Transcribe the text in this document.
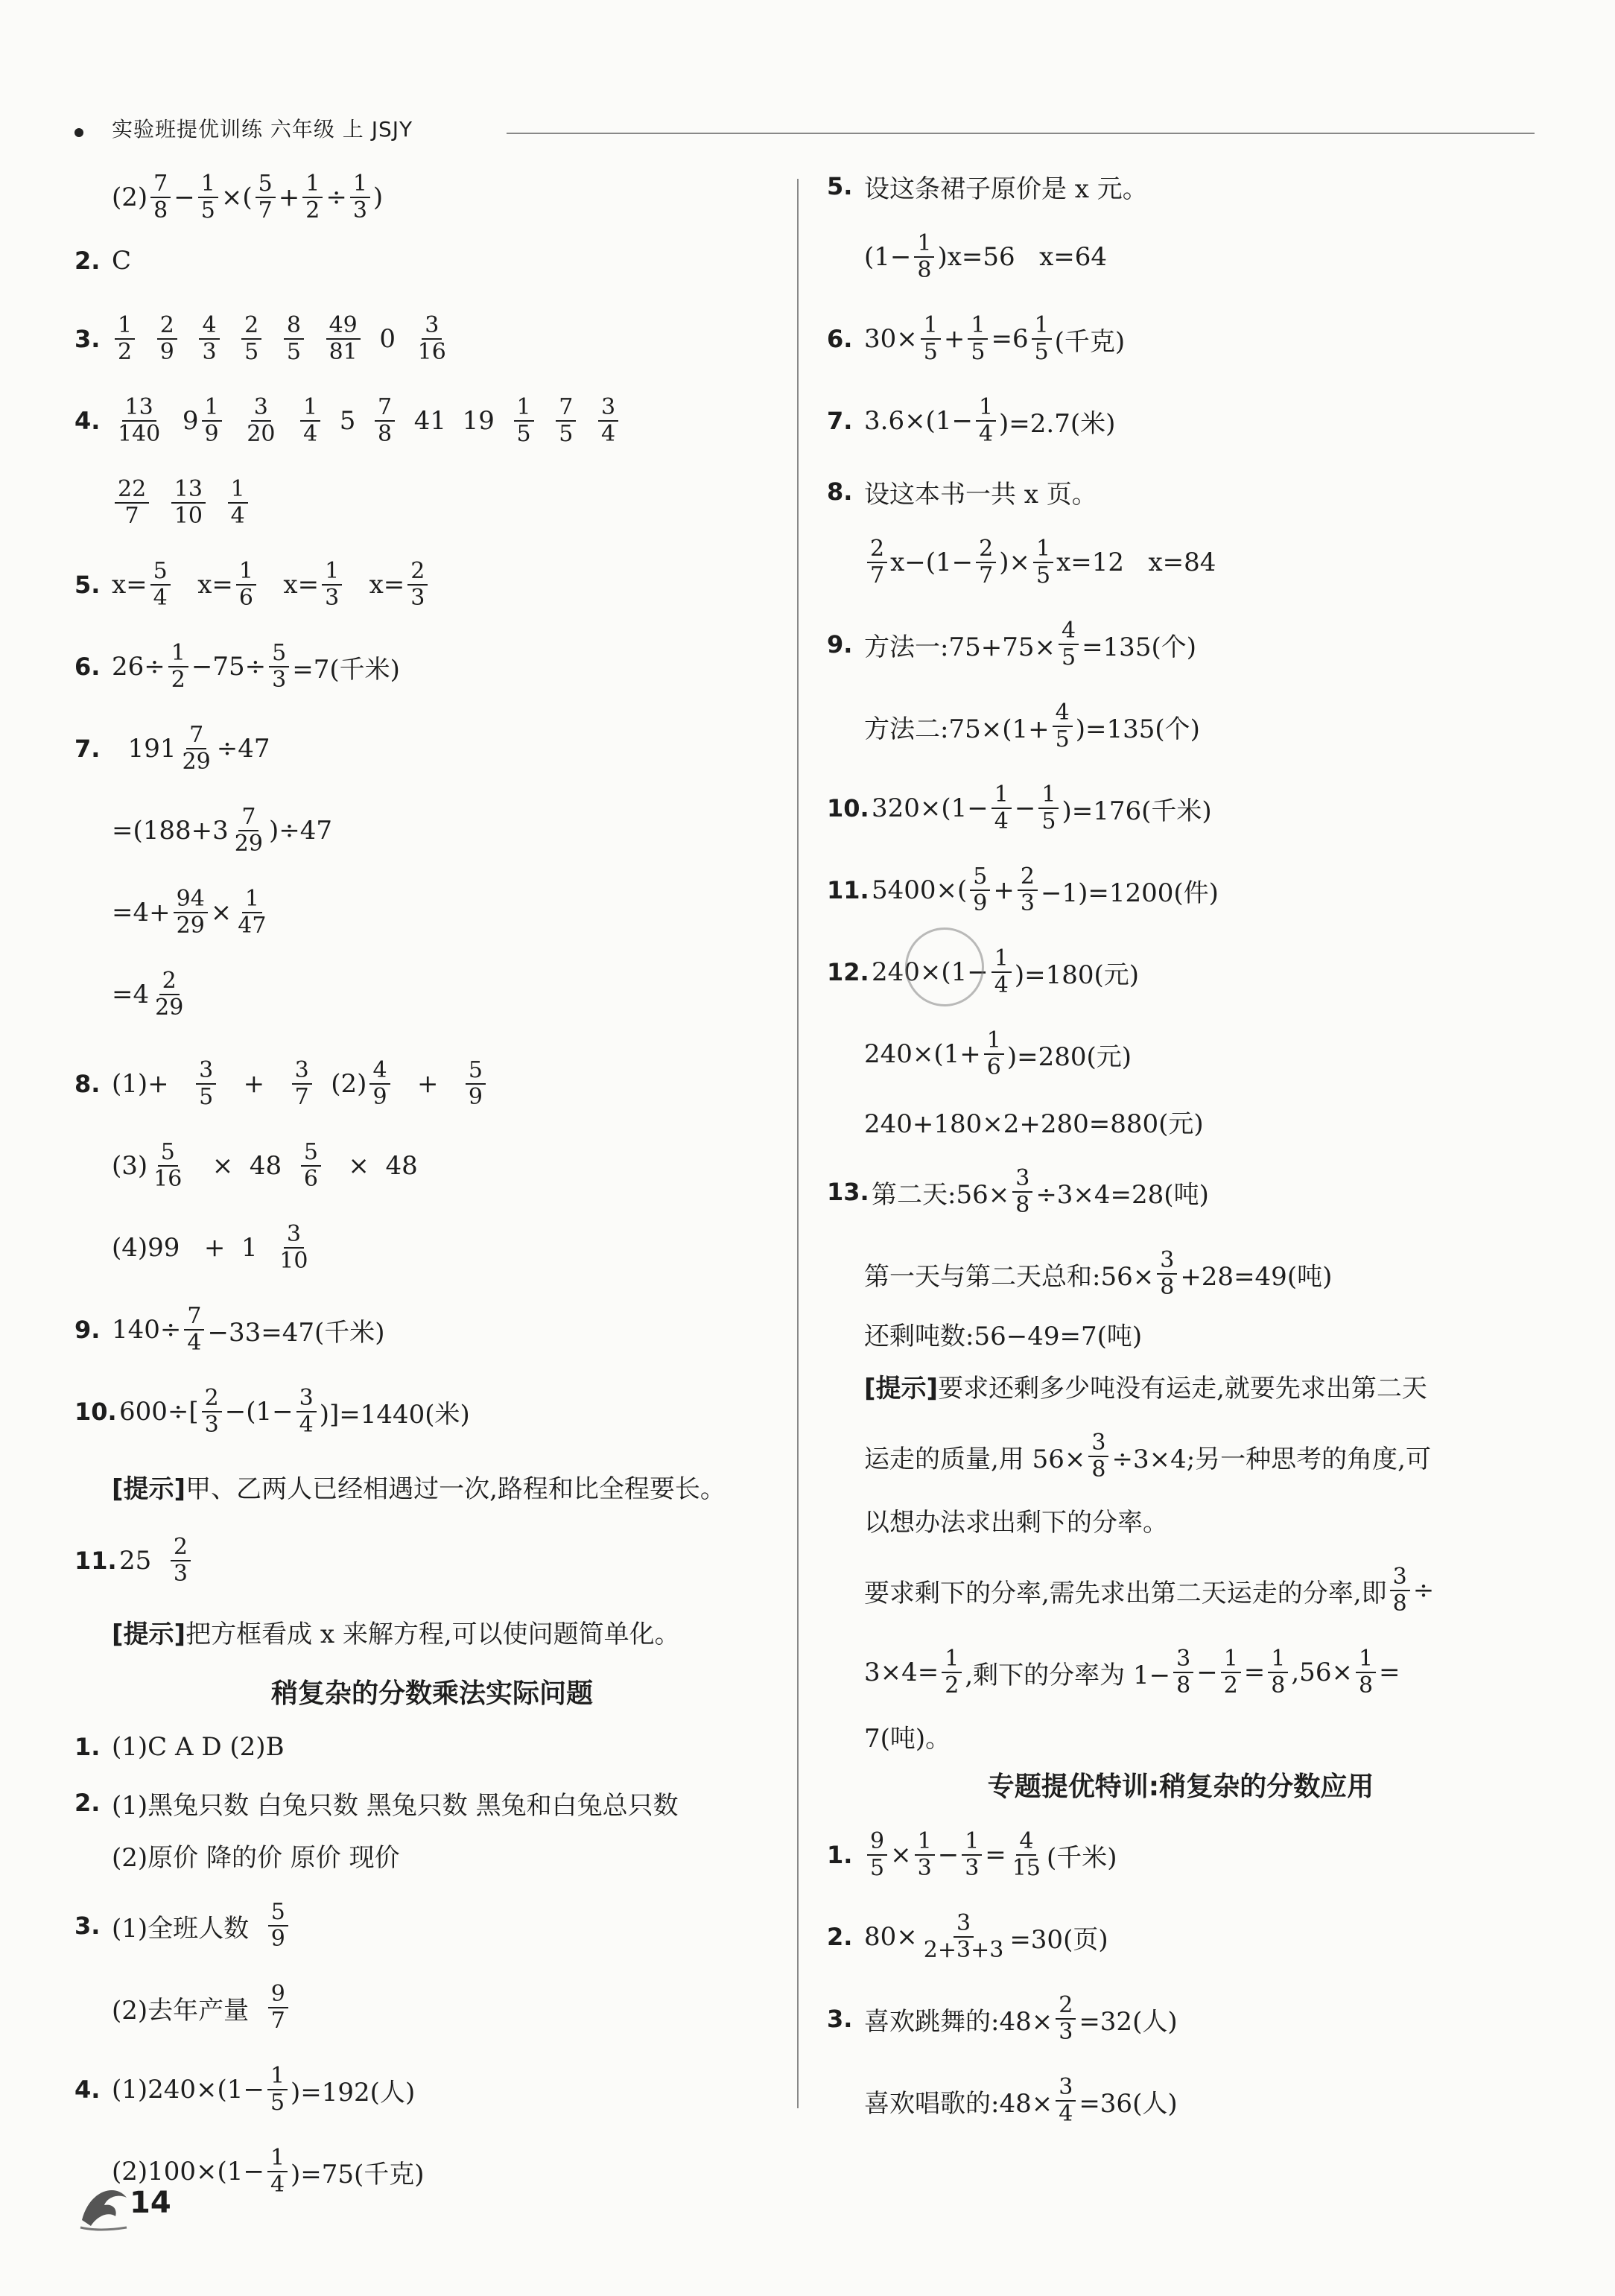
实验班提优训练 六年级 上 JSJY
(2) 7
$8 - \frac{1}{5}$ ×( 5
$7 + \frac{1}{2} \div \frac{1}{3}$ )
2. C
3. 1
2

2
9

4
3

2
5

8
5

49
81
0
3
16
4.	13
140
9 1
9

3
20

1
4
5
7
8
41
19
1
5

7
5

3
4
22
7

13
10

1
4
5. $x= \frac{5}{4}$
$x= \frac{1}{6}$
$x= \frac{1}{3}$
$x= \frac{2}{3}$
6. $26\div \frac{1}{2} -75\div \frac{5}{3} =7$(千米)
7.
	$191 \frac{7}{29} \div 47$
=(188+3 7
29 )÷47
$=4+ \frac{94}{29} \times \frac{1}{47}$
=4 2
29
8. (1)+
$\frac{3}{5}$
+
$\frac{3}{7}$
(2) 4
9
+
$\frac{5}{9}$
$(3) \frac{5}{16}$
×
48
$\frac{5}{6}$
×
48
(4)99
+
1
3
10
9. $140\div \frac{7}{4} -33=47$(千米)
10. 600÷[ 2
$3 -(1- \frac{3}{4} )]=1440$(米)
[提示] 甲、乙两人已经相遇过一次,路程和比全程要长。
11. 25
2
3
[提示] 把方框看成 x 来解方程,可以使问题简单化。
稍复杂的分数乘法实际问题
1. (1)C A D (2)B
2. (1)黑兔只数 白兔只数 黑兔只数 黑兔和白兔总只数
(2)原价 降的价 原价 现价
3. (1)全班人数

5
9
(2)去年产量

9
7
4. $(1)240\times(1- \frac{1}{5} )=192$(人)
$(2)100\times(1- \frac{1}{4} )=75$(千克)
5. 设这条裙子原价是 x 元。
$(1- \frac{1}{8} )x=56$   x=64
6. $30\times \frac{1}{5} + \frac{1}{5} =6$ 1
5 (千克)
7. $3.6\times(1- \frac{1}{4} )=2.7$(米)
8. 设这本书一共 x 页。
2
7 $x-(1- \frac{2}{7}$ )× $\frac{1}{5} x=12$   x=84
9. 方法一:75+75× $\frac{4}{5} =135$(个)
方法二:75×(1+ $\frac{4}{5} )=135$(个)
10. $320\times(1- \frac{1}{4} - \frac{1}{5} )=176$(千米)
11. 5400×( 5
$9 + \frac{2}{3} -1)=1200$(件)
12. $240\times(1- \frac{1}{4} )=180$(元)
$240\times(1+ \frac{1}{6} )=280$(元)
240+180×2+280=880(元)
13. 第二天:56× $\frac{3}{8} \div 3\times 4=28$(吨)
第一天与第二天总和:56× $\frac{3}{8} +28=49$(吨)
还剩吨数:56−49=7(吨)
[提示] 要求还剩多少吨没有运走,就要先求出第二天
运走的质量,用 $56\times \frac{3}{8} \div 3\times 4$;另一种思考的角度,可
以想办法求出剩下的分率。
要求剩下的分率,需先求出第二天运走的分率,即 $\frac{3}{8}$ ÷
$3\times 4= \frac{1}{2}$ ,剩下的分率为 $1- \frac{3}{8} - \frac{1}{2} = \frac{1}{8} ,56\times \frac{1}{8}$ =
7(吨)。
专题提优特训:稍复杂的分数应用
1. $\frac{9}{5} \times \frac{1}{3} - \frac{1}{3} = \frac{4}{15}$ (千米)
2. $80\times \frac{3}{2+3+3} =30$(页)
3. 喜欢跳舞的:48× $\frac{2}{3} =32$(人)
喜欢唱歌的:48× $\frac{3}{4} =36$(人)
14
